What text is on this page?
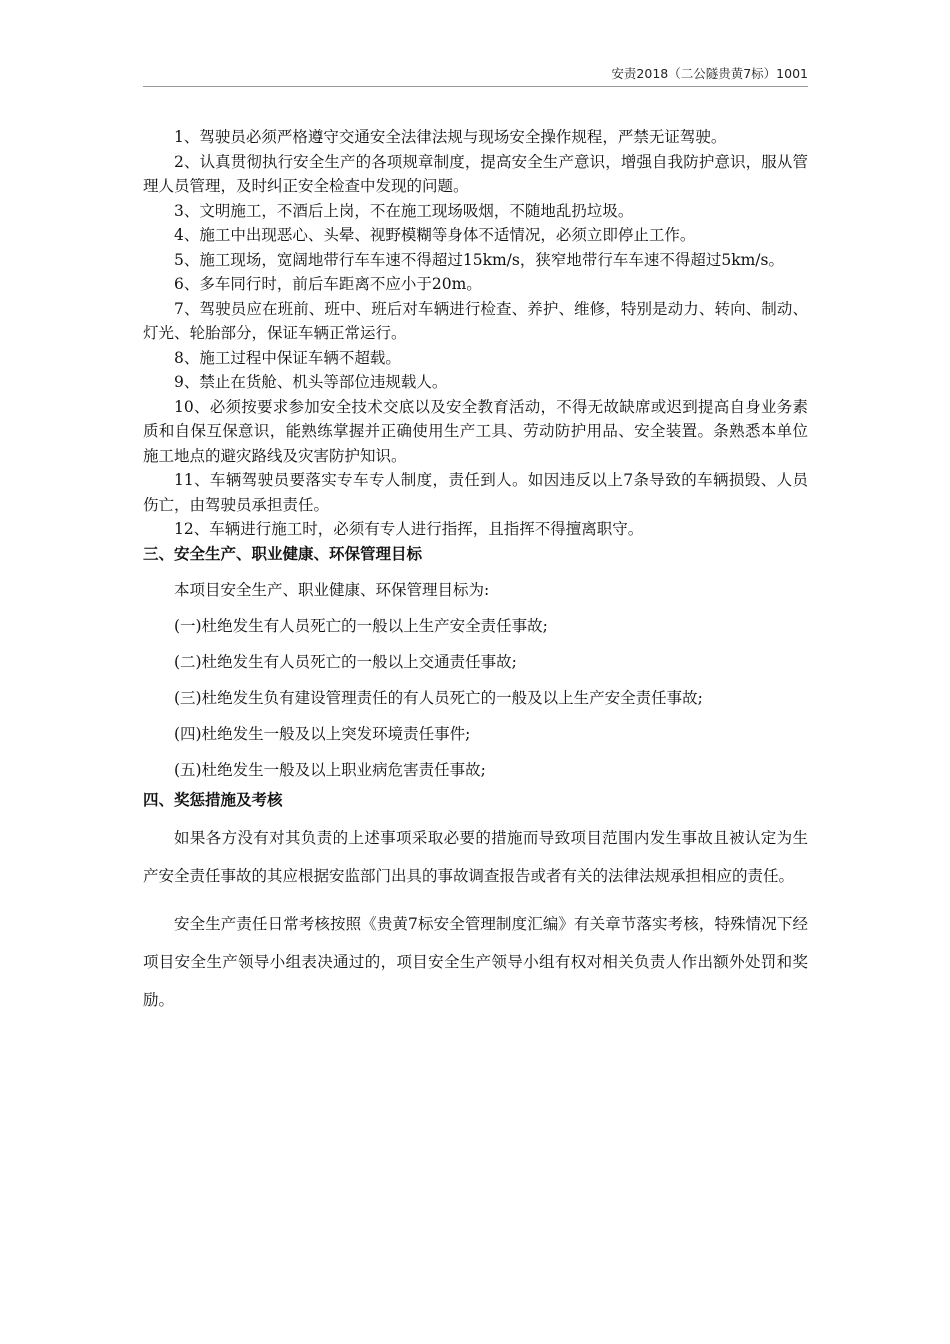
安责2018（二公隧贵黄7标）1001

1、驾驶员必须严格遵守交通安全法律法规与现场安全操作规程，严禁无证驾驶。

2、认真贯彻执行安全生产的各项规章制度，提高安全生产意识，增强自我防护意识，服从管理人员管理，及时纠正安全检查中发现的问题。

3、文明施工，不酒后上岗，不在施工现场吸烟，不随地乱扔垃圾。

4、施工中出现恶心、头晕、视野模糊等身体不适情况，必须立即停止工作。

5、施工现场，宽阔地带行车车速不得超过15km/s，狭窄地带行车车速不得超过5km/s。

6、多车同行时，前后车距离不应小于20m。

7、驾驶员应在班前、班中、班后对车辆进行检查、养护、维修，特别是动力、转向、制动、灯光、轮胎部分，保证车辆正常运行。

8、施工过程中保证车辆不超载。

9、禁止在货舱、机头等部位违规载人。

10、必须按要求参加安全技术交底以及安全教育活动，不得无故缺席或迟到提高自身业务素质和自保互保意识，能熟练掌握并正确使用生产工具、劳动防护用品、安全装置。条熟悉本单位施工地点的避灾路线及灾害防护知识。

11、车辆驾驶员要落实专车专人制度，责任到人。如因违反以上7条导致的车辆损毁、人员伤亡，由驾驶员承担责任。

12、车辆进行施工时，必须有专人进行指挥，且指挥不得擅离职守。

三、安全生产、职业健康、环保管理目标

本项目安全生产、职业健康、环保管理目标为:

(一)杜绝发生有人员死亡的一般以上生产安全责任事故;

(二)杜绝发生有人员死亡的一般以上交通责任事故;

(三)杜绝发生负有建设管理责任的有人员死亡的一般及以上生产安全责任事故;

(四)杜绝发生一般及以上突发环境责任事件;

(五)杜绝发生一般及以上职业病危害责任事故;

四、奖惩措施及考核

如果各方没有对其负责的上述事项采取必要的措施而导致项目范围内发生事故且被认定为生产安全责任事故的其应根据安监部门出具的事故调查报告或者有关的法律法规承担相应的责任。

安全生产责任日常考核按照《贵黄7标安全管理制度汇编》有关章节落实考核，特殊情况下经项目安全生产领导小组表决通过的，项目安全生产领导小组有权对相关负责人作出额外处罚和奖励。
